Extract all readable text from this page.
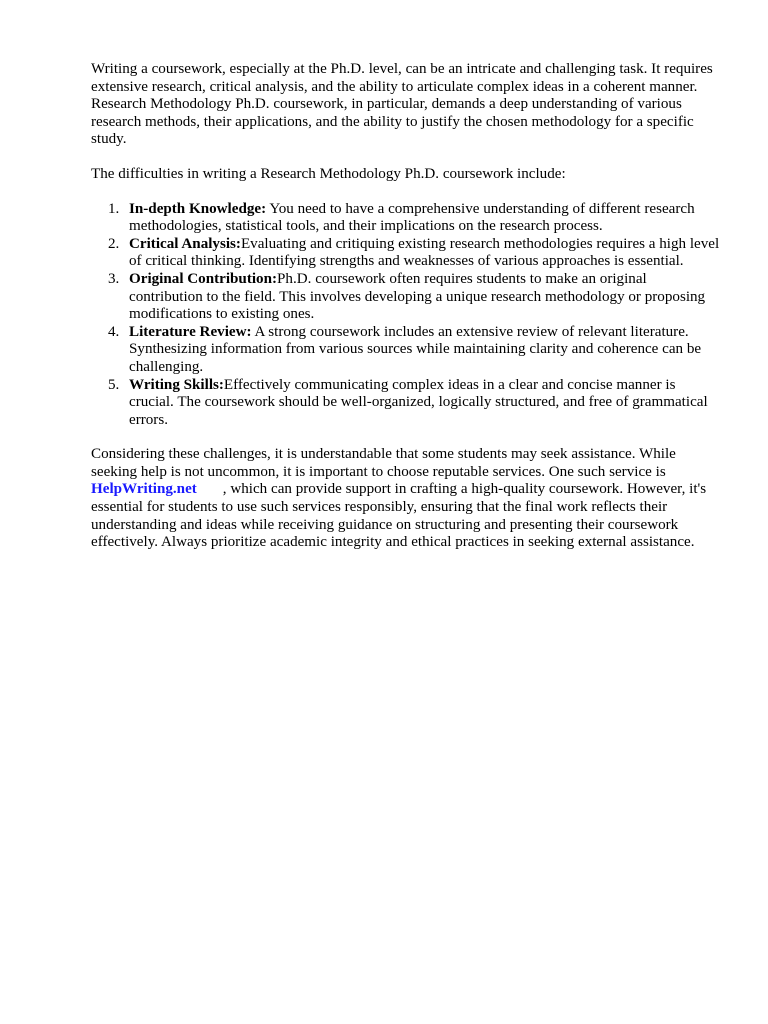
Writing a coursework, especially at the Ph.D. level, can be an intricate and challenging task. It requires extensive research, critical analysis, and the ability to articulate complex ideas in a coherent manner. Research Methodology Ph.D. coursework, in particular, demands a deep understanding of various research methods, their applications, and the ability to justify the chosen methodology for a specific study.

The difficulties in writing a Research Methodology Ph.D. coursework include:

1. In-depth Knowledge: You need to have a comprehensive understanding of different research methodologies, statistical tools, and their implications on the research process.
2. Critical Analysis:Evaluating and critiquing existing research methodologies requires a high level of critical thinking. Identifying strengths and weaknesses of various approaches is essential.
3. Original Contribution:Ph.D. coursework often requires students to make an original contribution to the field. This involves developing a unique research methodology or proposing modifications to existing ones.
4. Literature Review: A strong coursework includes an extensive review of relevant literature. Synthesizing information from various sources while maintaining clarity and coherence can be challenging.
5. Writing Skills:Effectively communicating complex ideas in a clear and concise manner is crucial. The coursework should be well-organized, logically structured, and free of grammatical errors.

Considering these challenges, it is understandable that some students may seek assistance. While seeking help is not uncommon, it is important to choose reputable services. One such service is HelpWriting.net , which can provide support in crafting a high-quality coursework. However, it's essential for students to use such services responsibly, ensuring that the final work reflects their understanding and ideas while receiving guidance on structuring and presenting their coursework effectively. Always prioritize academic integrity and ethical practices in seeking external assistance.
